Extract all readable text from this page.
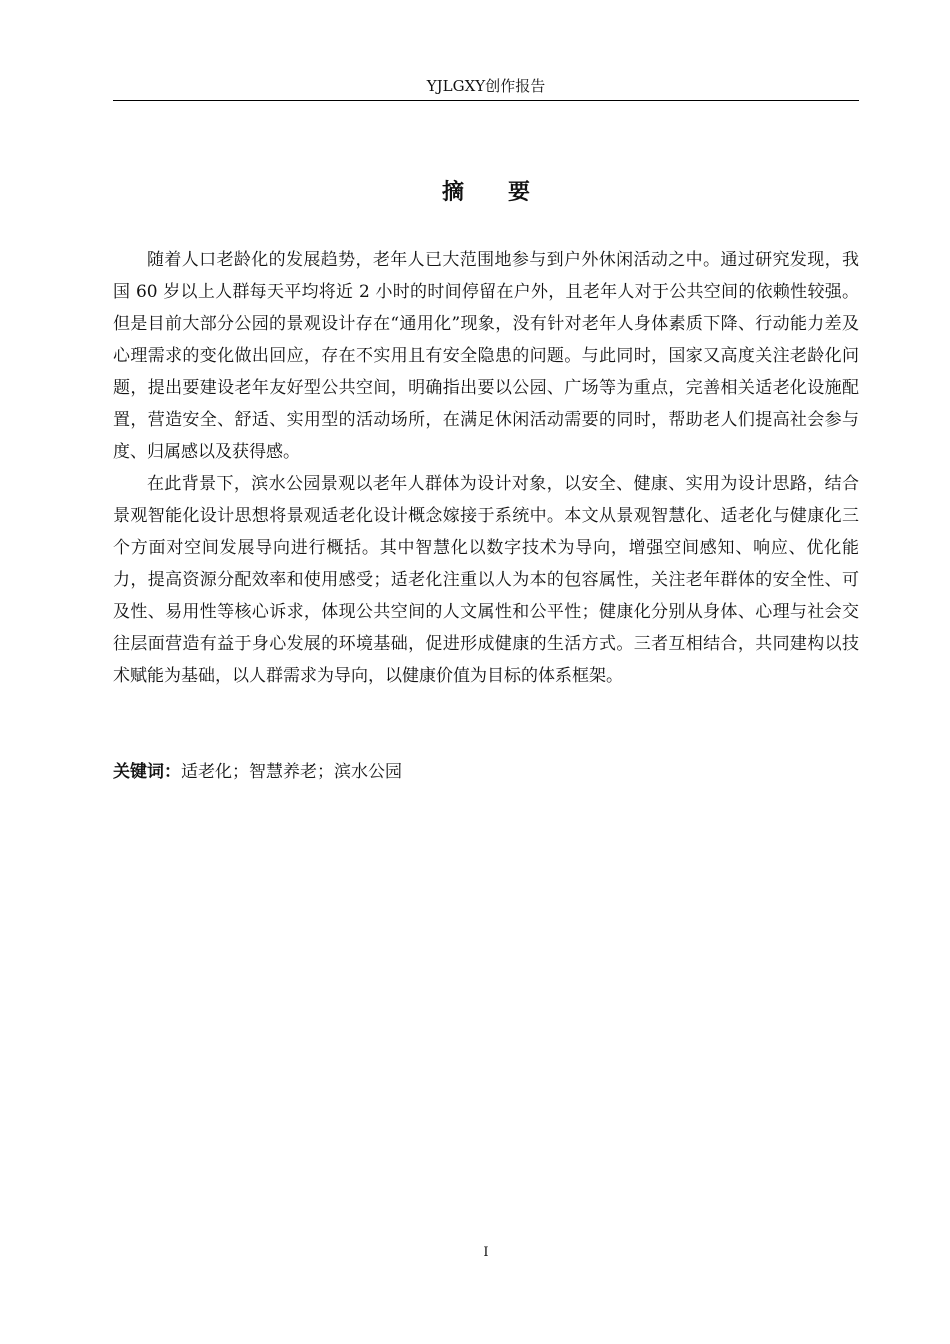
YJLGXY创作报告
摘要

随着人口老龄化的发展趋势，老年人已大范围地参与到户外休闲活动之中。通过研究发现，我国 60 岁以上人群每天平均将近 2 小时的时间停留在户外，且老年人对于公共空间的依赖性较强。但是目前大部分公园的景观设计存在“通用化”现象，没有针对老年人身体素质下降、行动能力差及心理需求的变化做出回应，存在不实用且有安全隐患的问题。与此同时，国家又高度关注老龄化问题，提出要建设老年友好型公共空间，明确指出要以公园、广场等为重点，完善相关适老化设施配置，营造安全、舒适、实用型的活动场所，在满足休闲活动需要的同时，帮助老人们提高社会参与度、归属感以及获得感。

在此背景下，滨水公园景观以老年人群体为设计对象，以安全、健康、实用为设计思路，结合景观智能化设计思想将景观适老化设计概念嫁接于系统中。本文从景观智慧化、适老化与健康化三个方面对空间发展导向进行概括。其中智慧化以数字技术为导向，增强空间感知、响应、优化能力，提高资源分配效率和使用感受；适老化注重以人为本的包容属性，关注老年群体的安全性、可及性、易用性等核心诉求，体现公共空间的人文属性和公平性；健康化分别从身体、心理与社会交往层面营造有益于身心发展的环境基础，促进形成健康的生活方式。三者互相结合，共同建构以技术赋能为基础，以人群需求为导向，以健康价值为目标的体系框架。

关键词：适老化；智慧养老；滨水公园
I
